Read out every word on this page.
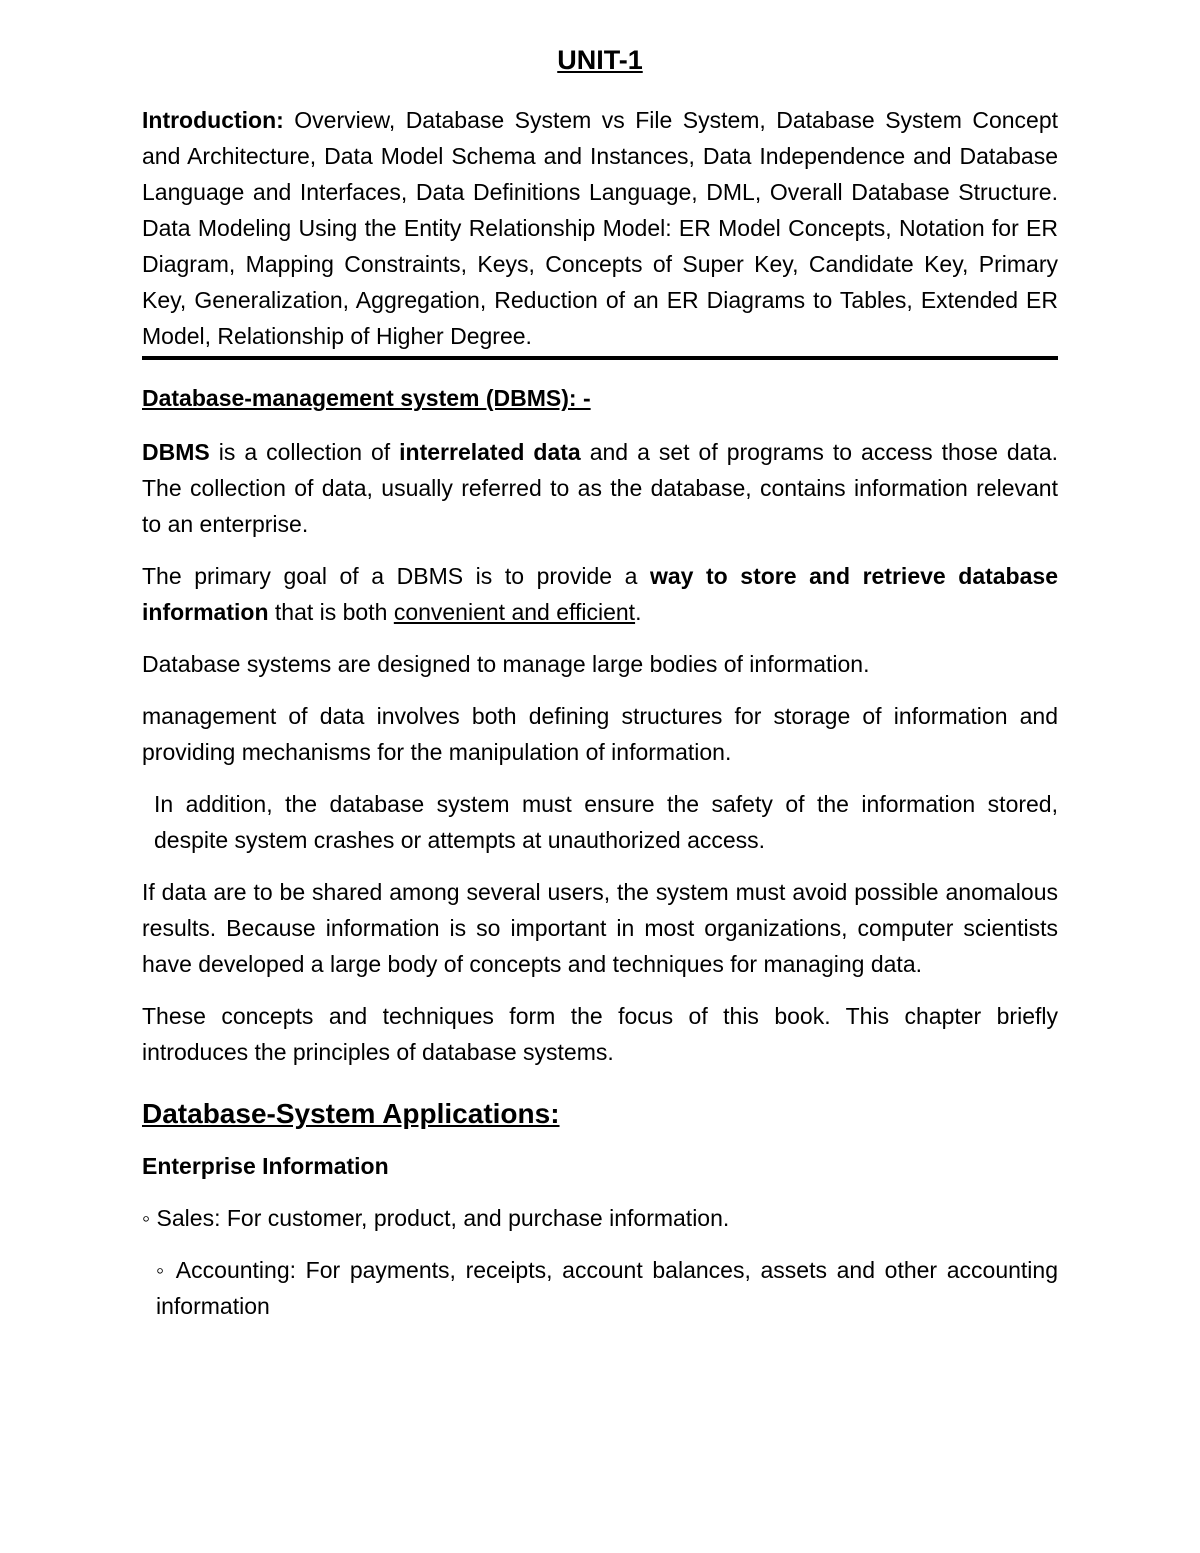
UNIT-1

Introduction: Overview, Database System vs File System, Database System Concept and Architecture, Data Model Schema and Instances, Data Independence and Database Language and Interfaces, Data Definitions Language, DML, Overall Database Structure. Data Modeling Using the Entity Relationship Model: ER Model Concepts, Notation for ER Diagram, Mapping Constraints, Keys, Concepts of Super Key, Candidate Key, Primary Key, Generalization, Aggregation, Reduction of an ER Diagrams to Tables, Extended ER Model, Relationship of Higher Degree.

Database-management system (DBMS): -

DBMS is a collection of interrelated data and a set of programs to access those data. The collection of data, usually referred to as the database, contains information relevant to an enterprise.

The primary goal of a DBMS is to provide a way to store and retrieve database information that is both convenient and efficient.

Database systems are designed to manage large bodies of information.

management of data involves both defining structures for storage of information and providing mechanisms for the manipulation of information.

In addition, the database system must ensure the safety of the information stored, despite system crashes or attempts at unauthorized access.

If data are to be shared among several users, the system must avoid possible anomalous results. Because information is so important in most organizations, computer scientists have developed a large body of concepts and techniques for managing data.

These concepts and techniques form the focus of this book. This chapter briefly introduces the principles of database systems.

Database-System Applications:
Enterprise Information

◦ Sales: For customer, product, and purchase information.

◦ Accounting: For payments, receipts, account balances, assets and other accounting information
